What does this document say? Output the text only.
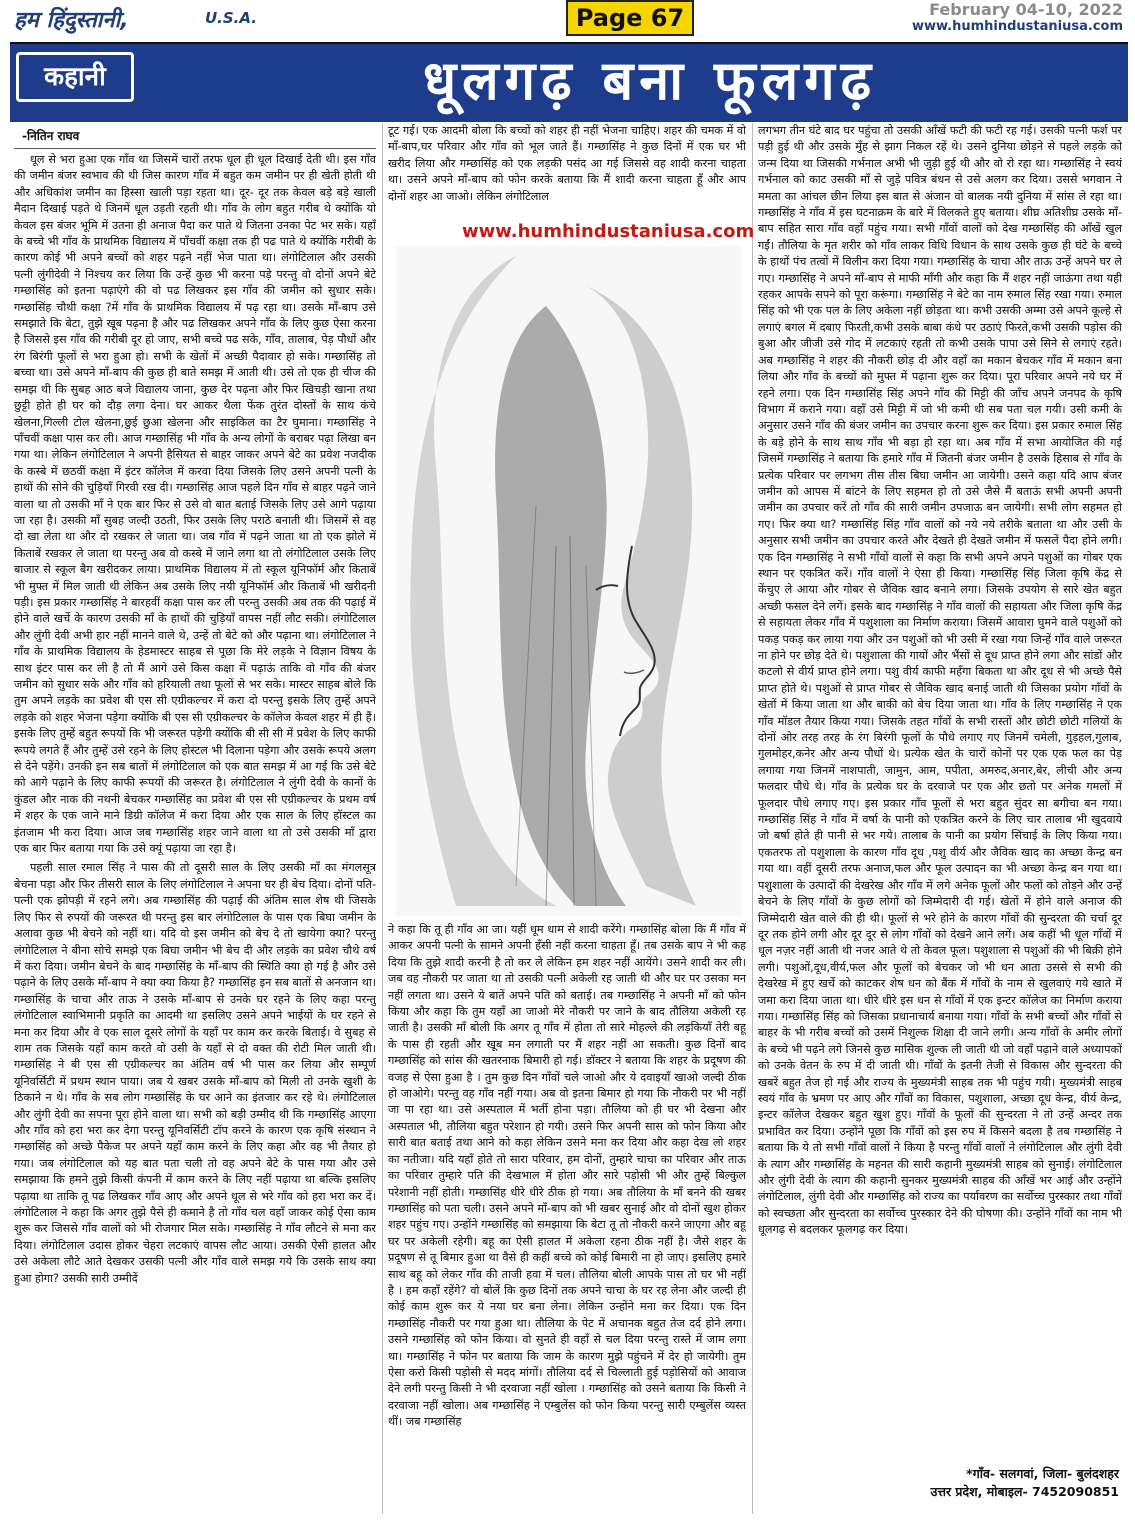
हम हिंदुस्तानी,	U.S.A.	Page 67	February 04-10, 2022
www.humhindustaniusa.com
कहानी	धूलगढ़ बना फूलगढ़
-नितिन राघव

धूल से भरा हुआ एक गाँव था जिसमें चारों तरफ धूल ही धूल दिखाई देती थी। इस गाँव की जमीन बंजर स्वभाव की थी जिस कारण गाँव में बहुत कम जमीन पर ही खेती होती थी और अधिकांश जमीन का हिस्सा खाली पड़ा रहता था। दूर- दूर तक केवल बड़े बड़े खाली मैदान दिखाई पड़ते थे जिनमें धूल उड़ती रहती थी। गाँव के लोग बहुत गरीब थे क्योंकि यो केवल इस बंजर भूमि में उतना ही अनाज पैदा कर पाते थे जितना उनका पेट भर सके। यहाँ के बच्चे भी गाँव के प्राथमिक विद्यालय में पाँचवीं कक्षा तक ही पढ पाते थे क्योंकि गरीबी के कारण कोई भी अपने बच्चों को शहर पढ़ने नहीं भेज पाता था। लंगोटिलाल और उसकी पत्नी लुंगीदेवी ने निश्चय कर लिया कि उन्हें कुछ भी करना पड़े परन्तु वो दोनों अपने बेटे गम्छासिंह को इतना पढ़ाएंगे की वो पढ लिखकर इस गाँव की जमीन को सुधार सके। गम्छासिंह चौथी कक्षा ?में गाँव के प्राथमिक विद्यालय में पढ़ रहा था। उसके माँ-बाप उसे समझाते कि बेटा, तुझे खूब पढ़ना है और पढ लिखकर अपने गाँव के लिए कुछ ऐसा करना है जिससे इस गाँव की गरीबी दूर हो जाए, सभी बच्चे पढ सके, गाँव, तालाब, पेड़ पौधों और रंग बिरंगी फूलों से भरा हुआ हो। सभी के खेतों में अच्छी पैदावार हो सके। गम्छासिंह तो बच्चा था। उसे अपने माँ-बाप की कुछ ही बाते समझ में आती थी। उसे तो एक ही चीज की समझ थी कि सुबह आठ बजे विद्यालय जाना, कुछ देर पढ़ना और फिर खिचड़ी खाना तथा छुट्टी होते ही घर को दौड़ लगा देना। घर आकर थैला फेंक तुरंत दोस्तों के साथ कंचे खेलना,गिल्ली टोल खेलना,छुई छुआ खेलना और साइकिल का टैर घुमाना। गम्छासिंह ने पाँचवीं कक्षा पास कर ली। आज गम्छासिंह भी गाँव के अन्य लोगों के बराबर पढ़ा लिखा बन गया था। लेकिन लंगोटिलाल ने अपनी हैसियत से बाहर जाकर अपने बेटे का प्रवेश नजदीक के कस्बे में छठवीं कक्षा में इंटर कॉलेज में करवा दिया जिसके लिए उसने अपनी पत्नी के हाथों की सोने की चुड़ियाँ गिरवी रख दी। गम्छासिंह आज पहले दिन गाँव से बाहर पढ़ने जाने वाला था तो उसकी माँ ने एक बार फिर से उसे वो बात बताई जिसके लिए उसे आगे पढ़ाया जा रहा है। उसकी माँ सुबह जल्दी उठती, फिर उसके लिए पराठे बनाती थी। जिसमें से वह दो खा लेता था और दो रखकर ले जाता था। जब गाँव में पढ़ने जाता था तो एक झोले में किताबें रखकर ले जाता था परन्तु अब वो कस्बे में जाने लगा था तो लंगोटिलाल उसके लिए बाजार से स्कूल बैग खरीदकर लाया। प्राथमिक विद्यालय में तो स्कूल यूनिफॉर्म और किताबें भी मुफ्त में मिल जाती थी लेकिन अब उसके लिए नयी यूनिफॉर्म और किताबें भी खरीदनी पड़ी। इस प्रकार गम्छासिंह ने बारहवीं कक्षा पास कर ली परन्तु उसकी अब तक की पढ़ाई में होने वाले खर्चे के कारण उसकी माँ के हाथों की चुड़ियाँ वापस नहीं लौट सकी। लंगोटिलाल और लुंगी देवी अभी हार नहीं मानने वाले थे, उन्हें तो बेटे को और पढ़ाना था। लंगोटिलाल ने गाँव के प्राथमिक विद्यालय के हेडमास्टर साहब से पूछा कि मेरे लड़के ने विज्ञान विषय के साथ इंटर पास कर ली है तो मैं आगे उसे किस कक्षा में पढ़ाऊं ताकि वो गाँव की बंजर जमीन को सुधार सके और गाँव को हरियाली तथा फूलों से भर सके। मास्टर साहब बोले कि तुम अपने लड़के का प्रवेश बी एस सी एग्रीकल्चर में करा दो परन्तु इसके लिए तुम्हें अपने लड़के को शहर भेजना पड़ेगा क्योंकि बी एस सी एग्रीकल्चर के कॉलेज केवल शहर में ही हैं। इसके लिए तुम्हें बहुत रूपयों कि भी जरूरत पड़ेगी क्योंकि बी सी सी में प्रवेश के लिए काफी रूपये लगते हैं और तुम्हें उसे रहने के लिए होस्टल भी दिलाना पड़ेगा और उसके रूपये अलग से देने पड़ेंगे। उनकी इन सब बातों में लंगोटिलाल को एक बात समझ में आ गई कि उसे बेटे को आगे पढ़ाने के लिए काफी रूपयों की जरूरत है। लंगोटिलाल ने लुंगी देवी के कानों के कुंडल और नाक की नथनी बेचकर गम्छासिंह का प्रवेश बी एस सी एग्रीकल्चर के प्रथम वर्ष में शहर के एक जाने माने डिग्री कॉलेज में करा दिया और एक साल के लिए हॉस्टल का इंतजाम भी करा दिया। आज जब गम्छासिंह शहर जाने वाला था तो उसे उसकी माँ द्वारा एक बार फिर बताया गया कि उसे क्यूं पढ़ाया जा रहा है।

पहली साल रमाल सिंह ने पास की तो दूसरी साल के लिए उसकी माँ का मंगलसूत्र बेचना पड़ा और फिर तीसरी साल के लिए लंगोटिलाल ने अपना घर ही बेच दिया। दोनों पति-पत्नी एक झोपड़ी में रहने लगे। अब गम्छासिंह की पढ़ाई की अंतिम साल शेष थी जिसके लिए फिर से रुपयों की जरूरत थी परन्तु इस बार लंगोटिलाल के पास एक बिघा जमीन के अलावा कुछ भी बेचने को नहीं था। यदि वो इस जमीन को बेच दे तो खायेगा क्या? परन्तु लंगोटिलाल ने बीना सोचे समझे एक बिघा जमीन भी बेच दी और लड़के का प्रवेश चौथे वर्ष में करा दिया। जमीन बेचने के बाद गम्छासिंह के माँ-बाप की स्थिति क्या हो गई है और उसे पढ़ाने के लिए उसके माँ-बाप ने क्या क्या किया है? गम्छासिंह इन सब बातों से अनजान था। गम्छासिंह के चाचा और ताऊ ने उसके माँ-बाप से उनके घर रहने के लिए कहा परन्तु लंगोटिलाल स्वाभिमानी प्रकृति का आदमी था इसलिए उसने अपने भाईयों के घर रहने से मना कर दिया और वे एक साल दूसरे लोगों के यहाँ पर काम कर करके बिताई। वे सुबह से शाम तक जिसके यहाँ काम करते वो उसी के यहाँ से दो वक्त की रोटी मिल जाती थी। गम्छासिंह ने बी एस सी एग्रीकल्चर का अंतिम वर्ष भी पास कर लिया और सम्पूर्ण यूनिवर्सिटी में प्रथम स्थान पाया। जब ये खबर उसके माँ-बाप को मिली तो उनके खुशी के ठिकाने न थे। गाँव के सब लोग गम्छासिंह के घर आने का इंतजार कर रहे थे। लंगोटिलाल और लुंगी देवी का सपना पूरा होने वाला था। सभी को बड़ी उम्मीद थी कि गम्छासिंह आएगा और गाँव को हरा भरा कर देगा परन्तु यूनिवर्सिटी टॉप करने के कारण एक कृषि संस्थान ने गम्छासिंह को अच्छे पैकेज पर अपने यहाँ काम करने के लिए कहा और वह भी तैयार हो गया। जब लंगोटिलाल को यह बात पता चली तो वह अपने बेटे के पास गया और उसे समझाया कि हमने तुझे किसी कंपनी में काम करने के लिए नहीं पढ़ाया था बल्कि इसलिए पढ़ाया था ताकि तू पढ लिखकर गाँव आए और अपने धूल से भरे गाँव को हरा भरा कर दें। लंगोटिलाल ने कहा कि अगर तुझे पैसे ही कमाने है तो गाँव चल वहाँ जाकर कोई ऐसा काम शुरू कर जिससे गाँव वालों को भी रोजगार मिल सके। गम्छासिंह ने गाँव लौटने से मना कर दिया। लंगोटिलाल उदास होकर चेहरा लटकाएं वापस लौट आया। उसकी ऐसी हालत और उसे अकेला लौटे आते देखकर उसकी पत्नी और गाँव वाले समझ गये कि उसके साथ क्या हुआ होगा? उसकी सारी उम्मीदें

टूट गई। एक आदमी बोला कि बच्चों को शहर ही नहीं भेजना चाहिए। शहर की चमक में वो माँ-बाप,घर परिवार और गाँव को भूल जाते हैं। गम्छासिंह ने कुछ दिनों में एक घर भी खरीद लिया और गम्छासिंह को एक लड़की पसंद आ गई जिससे वह शादी करना चाहता था। उसने अपने माँ-बाप को फोन करके बताया कि मैं शादी करना चाहता हूँ और आप दोनों शहर आ जाओ। लेकिन लंगोटिलाल

www.humhindustaniusa.com

ने कहा कि तू ही गाँव आ जा। यहीं धूम धाम से शादी करेंगे। गम्छासिंह बोला कि मैं गाँव में आकर अपनी पत्नी के सामने अपनी हँसी नहीं करना चाहता हूँ। तब उसके बाप ने भी कह दिया कि तुझे शादी करनी है तो कर ले लेकिन हम शहर नहीं आयेंगे। उसने शादी कर ली। जब वह नौकरी पर जाता था तो उसकी पत्नी अकेली रह जाती थी और घर पर उसका मन नहीं लगता था। उसने ये बातें अपने पति को बताई। तब गम्छासिंह ने अपनी माँ को फोन किया और कहा कि तुम यहाँ आ जाओ मेरे नौकरी पर जाने के बाद तौलिया अकेली रह जाती है। उसकी माँ बोली कि अगर तू गाँव में होता तो सारे मोहल्ले की लड़कियाँ तेरी बहू के पास ही रहती और खूब मन लगाती पर मैं शहर नहीं आ सकती। कुछ दिनों बाद गम्छासिंह को सांस की खतरनाक बिमारी हो गई। डॉक्टर ने बताया कि शहर के प्रदूषण की वजह से ऐसा हुआ है । तुम कुछ दिन गाँवों चले जाओ और ये दवाइयाँ खाओ जल्दी ठीक हो जाओगे। परन्तु वह गाँव नहीं गया। अब वो इतना बिमार हो गया कि नौकरी पर भी नहीं जा पा रहा था। उसे अस्पताल में भर्ती होना पड़ा। तौलिया को ही घर भी देखना और अस्पताल भी, तौलिया बहुत परेशान हो गयी। उसने फिर अपनी सास को फोन किया और सारी बात बताई तथा आने को कहा लेकिन उसने मना कर दिया और कहा देख लो शहर का नतीजा। यदि यहाँ होते तो सारा परिवार, हम दोनों, तुम्हारे चाचा का परिवार और ताऊ का परिवार तुम्हारे पति की देखभाल में होता और सारे पड़ोसी भी और तुम्हें बिल्कुल परेशानी नहीं होती। गम्छासिंह धीरे धीरे ठीक हो गया। अब तौलिया के माँ बनने की खबर गम्छासिंह को पता चली। उसने अपने माँ-बाप को भी खबर सुनाई और वो दोनों खुश होकर शहर पहुंच गए। उन्होंने गम्छासिंह को समझाया कि बेटा तू तो नौकरी करने जाएगा और बहू घर पर अकेली रहेगी। बहू का ऐसी हालत में अकेला रहना ठीक नहीं है। जैसे शहर के प्रदूषण से तू बिमार हुआ था वैसे ही कहीं बच्चे को कोई बिमारी ना हो जाए। इसलिए हमारे साथ बहू को लेकर गाँव की ताजी हवा में चल। तौलिया बोली आपके पास तो घर भी नहीं है । हम कहाँ रहेंगे? वो बोलें कि कुछ दिनों तक अपने चाचा के घर रह लेना और जल्दी ही कोई काम शुरू कर ये नया घर बना लेना। लेकिन उन्होंने मना कर दिया। एक दिन गम्छासिंह नौकरी पर गया हुआ था। तौलिया के पेट में अचानक बहुत तेज दर्द होने लगा। उसने गम्छासिंह को फोन किया। वो सुनते ही वहाँ से चल दिया परन्तु रास्ते में जाम लगा था। गम्छासिंह ने फोन पर बताया कि जाम के कारण मुझे पहुंचने में देर हो जायेगी। तुम ऐसा करो किसी पड़ोसी से मदद मांगों। तौलिया दर्द से चिल्लाती हुई पड़ोसियों को आवाज देने लगी परन्तु किसी ने भी दरवाजा नहीं खोला । गम्छासिंह को उसने बताया कि किसी ने दरवाजा नहीं खोला। अब गम्छासिंह ने एम्बुलेंस को फोन किया परन्तु सारी एम्बुलेंस व्यस्त थीं। जब गम्छासिंह

लगभग तीन घंटे बाद घर पहुंचा तो उसकी आँखें फटी की फटी रह गई। उसकी पत्नी फर्श पर पड़ी हुई थी और उसके मुँह से झाग निकल रहें थे। उसने दुनिया छोड़ने से पहले लड़के को जन्म दिया था जिसकी गर्भनाल अभी भी जुड़ी हुई थी और वो रो रहा था। गम्छासिंह ने स्वयं गर्भनाल को काट उसकी माँ से जुड़े पवित्र बंधन से उसे अलग कर दिया। उससे भगवान ने ममता का आंचल छीन लिया इस बात से अंजान वो बालक नयी दुनिया में सांस ले रहा था। गम्छासिंह ने गाँव में इस घटनाक्रम के बारे में विलकते हुए बताया। शीघ्र अतिशीघ्र उसके माँ-बाप सहित सारा गाँव वहाँ पहुंच गया। सभी गाँवों वालों को देख गम्छासिंह की आँखें खुल गईं। तौलिया के मृत शरीर को गाँव लाकर विधि विधान के साथ उसके कुछ ही घंटे के बच्चे के हाथों पंच तत्वों में विलीन करा दिया गया। गम्छासिंह के चाचा और ताऊ उन्हें अपने घर ले गए। गम्छासिंह ने अपने माँ-बाप से माफी माँगी और कहा कि मैं शहर नहीं जाऊंगा तथा यही रहकर आपके सपने को पूरा करूंगा। गम्छासिंह ने बेटे का नाम रुमाल सिंह रखा गया। रुमाल सिंह को भी एक पल के लिए अकेला नहीं छोड़ता था। कभी उसकी अम्मा उसे अपने कूल्हे से लगाएं बगल में दबाए फिरती,कभी उसके बाबा कंधे पर उठाएं फिरते,कभी उसकी पड़ोस की बुआ और जीजी उसे गोद में लटकाएं रहती तो कभी उसके पापा उसे सिने से लगाएं रहते। अब गम्छासिंह ने शहर की नौकरी छोड़ दी और वहाँ का मकान बेचकर गाँव में मकान बना लिया और गाँव के बच्चों को मुफ्त में पढ़ाना शुरू कर दिया। पूरा परिवार अपने नये घर में रहने लगा। एक दिन गम्छासिंह सिंह अपने गाँव की मिट्टी की जाँच अपने जनपद के कृषि विभाग में कराने गया। वहाँ उसे मिट्टी में जो भी कमी थी सब पता चल गयी। उसी कमी के अनुसार उसने गाँव की बंजर जमीन का उपचार करना शुरू कर दिया। इस प्रकार रुमाल सिंह के बड़े होने के साथ साथ गाँव भी बड़ा हो रहा था। अब गाँव में सभा आयोजित की गई जिसमें गम्छासिंह ने बताया कि हमारे गाँव में जितनी बंजर जमीन है उसके हिसाब से गाँव के प्रत्येक परिवार पर लगभग तीस तीस बिघा जमीन आ जायेगी। उसने कहा यदि आप बंजर जमीन को आपस में बांटने के लिए सहमत हो तो उसे जैसे मैं बताऊं सभी अपनी अपनी जमीन का उपचार करें तो गाँव की सारी जमीन उपजाऊ बन जायेगी। सभी लोग सहमत हो गए। फिर क्या था? गम्छासिंह सिंह गाँव वालों को नये नये तरीके बताता था और उसी के अनुसार सभी जमीन का उपचार करते और देखते ही देखते जमीन में फसलें पैदा होने लगी। एक दिन गम्छासिंह ने सभी गाँवों वालों से कहा कि सभी अपने अपने पशुओं का गोबर एक स्थान पर एकत्रित करें। गाँव वालों ने ऐसा ही किया। गम्छासिंह सिंह जिला कृषि केंद्र से केंचुए ले आया और गोबर से जैविक खाद बनाने लगा। जिसके उपयोग से सारे खेत बहुत अच्छी फसल देने लगें। इसके बाद गम्छासिंह ने गाँव वालों की सहायता और जिला कृषि केंद्र से सहायता लेकर गाँव में पशुशाला का निर्माण कराया। जिसमें आवारा घुमने वाले पशुओं को पकड़ पकड़ कर लाया गया और उन पशुओं को भी उसी में रखा गया जिन्हें गाँव वाले जरूरत ना होने पर छोड़ देते थे। पशुशाला की गायों और भैंसों से दूध प्राप्त होने लगा और सांडों और कटलो से वीर्य प्राप्त होने लगा। पशु वीर्य काफी महँगा बिकता था और दूध से भी अच्छे पैसे प्राप्त होते थे। पशुओं से प्राप्त गोबर से जैविक खाद बनाई जाती थी जिसका प्रयोग गाँवों के खेतों में किया जाता था और बाकी को बेच दिया जाता था। गाँव के लिए गम्छासिंह ने एक गाँव मॉडल तैयार किया गया। जिसके तहत गाँवों के सभी रास्तों और छोटी छोटी गलियों के दोनों ओर तरह तरह के रंग बिरंगी फूलों के पौधे लगाए गए जिनमें चमेली, गुड़हल,गुलाब, गुलमोहर,कनेर और अन्य पौधों थे। प्रत्येक खेत के चारों कोनों पर एक एक फल का पेड़ लगाया गया जिनमें नाशपाती, जामुन, आम, पपीता, अमरुद,अनार,बेर, लीची और अन्य फलदार पौधे थे। गाँव के प्रत्येक घर के दरवाजे पर एक और छतो पर अनेक गमलों में फूलदार पौधे लगाए गए। इस प्रकार गाँव फूलों से भरा बहुत सुंदर सा बगीचा बन गया। गम्छासिंह सिंह ने गाँव में वर्षा के पानी को एकत्रित करने के लिए चार तालाब भी खुदवाये जो बर्षा होते ही पानी से भर गये। तालाब के पानी का प्रयोग सिंचाई के लिए किया गया। एकतरफ तो पशुशाला के कारण गाँव दूध ,पशु वीर्य और जैविक खाद का अच्छा केन्द्र बन गया था। वहीं दूसरी तरफ अनाज,फल और फूल उत्पादन का भी अच्छा केन्द्र बन गया था। पशुशाला के उत्पादों की देखरेख और गाँव में लगे अनेक फूलों और फलों को तोड़ने और उन्हें बेचने के लिए गाँवों के कुछ लोगों को जिम्मेदारी दी गई। खेतों में होने वाले अनाज की जिम्मेदारी खेत वाले की ही थी। फूलों से भरे होने के कारण गाँवों की सुन्दरता की चर्चा दूर दूर तक होने लगी और दूर दूर से लोग गाँवों को देखने आने लगें। अब कहीं भी धूल गाँवों में धूल नज़र नहीं आती थी नजर आते थे तो केवल फूल। पशुशाला से पशुओं की भी बिक्री होने लगी। पशुओं,दूध,वीर्य,फल और फूलों को बेचकर जो भी धन आता उससे से सभी की देखरेख में हुए खर्चे को काटकर शेष धन को बैंक में गाँवों के नाम से खुलवाएं गये खाते में जमा करा दिया जाता था। धीरे धीरे इस धन से गाँवों में एक इन्टर कॉलेज का निर्माण कराया गया। गम्छासिंह सिंह को जिसका प्रधानाचार्य बनाया गया। गाँवों के सभी बच्चों और गाँवों से बाहर के भी गरीब बच्चों को उसमें निशुल्क शिक्षा दी जाने लगी। अन्य गाँवों के अमीर लोगों के बच्चे भी पढ़ने लगे जिनसे कुछ मासिक शुल्क ली जाती थी जो वहाँ पढ़ाने वाले अध्यापकों को उनके वेतन के रुप में दी जाती थी। गाँवों के इतनी तेजी से विकास और सुन्दरता की खबरें बहुत तेज हो गई और राज्य के मुख्यमंत्री साहब तक भी पहुंच गयी। मुख्यमंत्री साहब स्वयं गाँव के भ्रमण पर आए और गाँवों का विकास, पशुशाला, अच्छा दूध केन्द्र, वीर्य केन्द्र, इन्टर कॉलेज देखकर बहुत खुश हुए। गाँवों के फूलों की सुन्दरता ने तो उन्हें अन्दर तक प्रभावित कर दिया। उन्होंने पूछा कि गाँवों को इस रुप में किसने बदला है तब गम्छासिंह ने बताया कि ये तो सभी गाँवों वालों ने किया है परन्तु गाँवों वालों ने लंगोटिलाल और लुंगी देवी के त्याग और गम्छासिंह के महनत की सारी कहानी मुख्यमंत्री साहब को सुनाई। लंगोटिलाल और लुंगी देवी के त्याग की कहानी सुनकर मुख्यमंत्री साहब की आँखें भर आई और उन्होंने लंगोटिलाल, लुंगी देवी और गम्छासिंह को राज्य का पर्यावरण का सर्वोच्च पुरस्कार तथा गाँवों को स्वच्छता और सुन्दरता का सर्वोच्च पुरस्कार देने की घोषणा की। उन्होंने गाँवों का नाम भी धूलगढ़ से बदलकर फूलगढ़ कर दिया।

*गाँव- सलगवां, जिला- बुलंदशहर
उत्तर प्रदेश, मोबाइल- 7452090851
